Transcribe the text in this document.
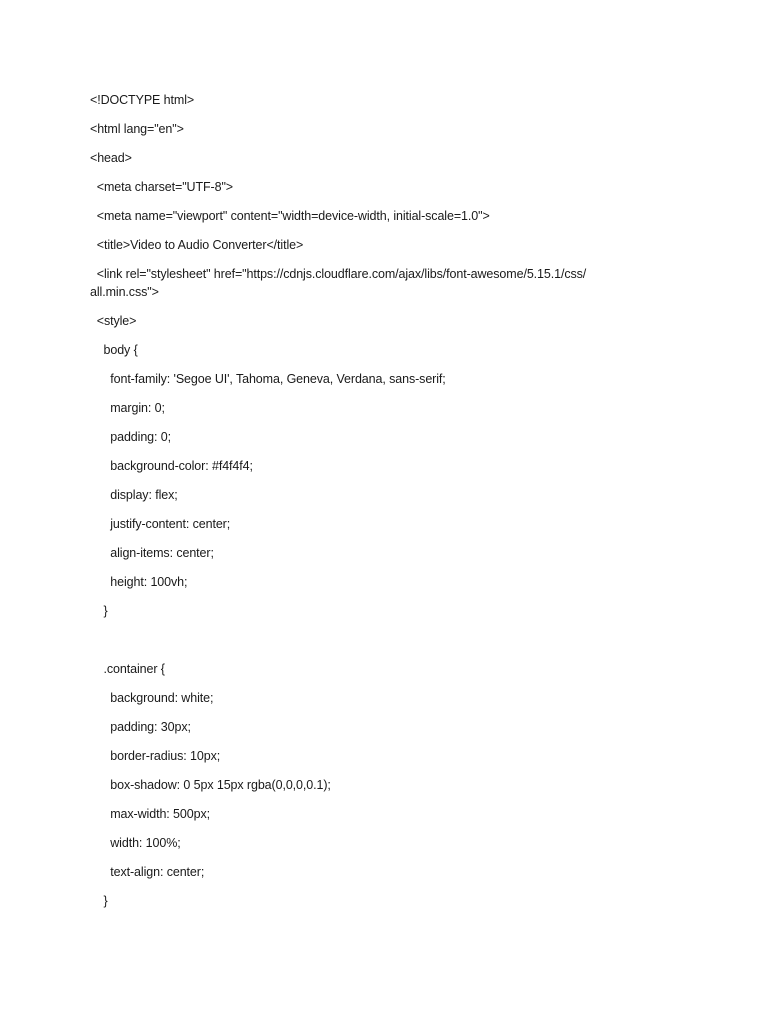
<!DOCTYPE html>
<html lang="en">
<head>
<meta charset="UTF-8">
<meta name="viewport" content="width=device-width, initial-scale=1.0">
<title>Video to Audio Converter</title>
<link rel="stylesheet" href="https://cdnjs.cloudflare.com/ajax/libs/font-awesome/5.15.1/css/
all.min.css">
<style>
body {
font-family: 'Segoe UI', Tahoma, Geneva, Verdana, sans-serif;
margin: 0;
padding: 0;
background-color: #f4f4f4;
display: flex;
justify-content: center;
align-items: center;
height: 100vh;
}
.container {
background: white;
padding: 30px;
border-radius: 10px;
box-shadow: 0 5px 15px rgba(0,0,0,0.1);
max-width: 500px;
width: 100%;
text-align: center;
}
